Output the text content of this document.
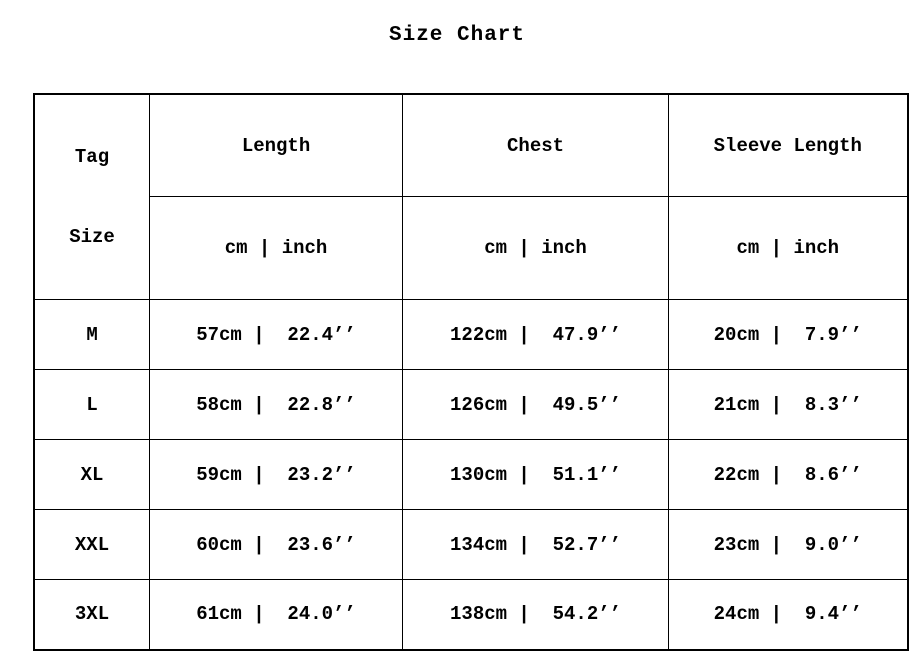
Size Chart

Tag

Size	Length	Chest	Sleeve Length
	cm | inch	cm | inch	cm | inch
M	57cm |  22.4’’	122cm |  47.9’’	20cm |  7.9’’
L	58cm |  22.8’’	126cm |  49.5’’	21cm |  8.3’’
XL	59cm |  23.2’’	130cm |  51.1’’	22cm |  8.6’’
XXL	60cm |  23.6’’	134cm |  52.7’’	23cm |  9.0’’
3XL	61cm |  24.0’’	138cm |  54.2’’	24cm |  9.4’’
